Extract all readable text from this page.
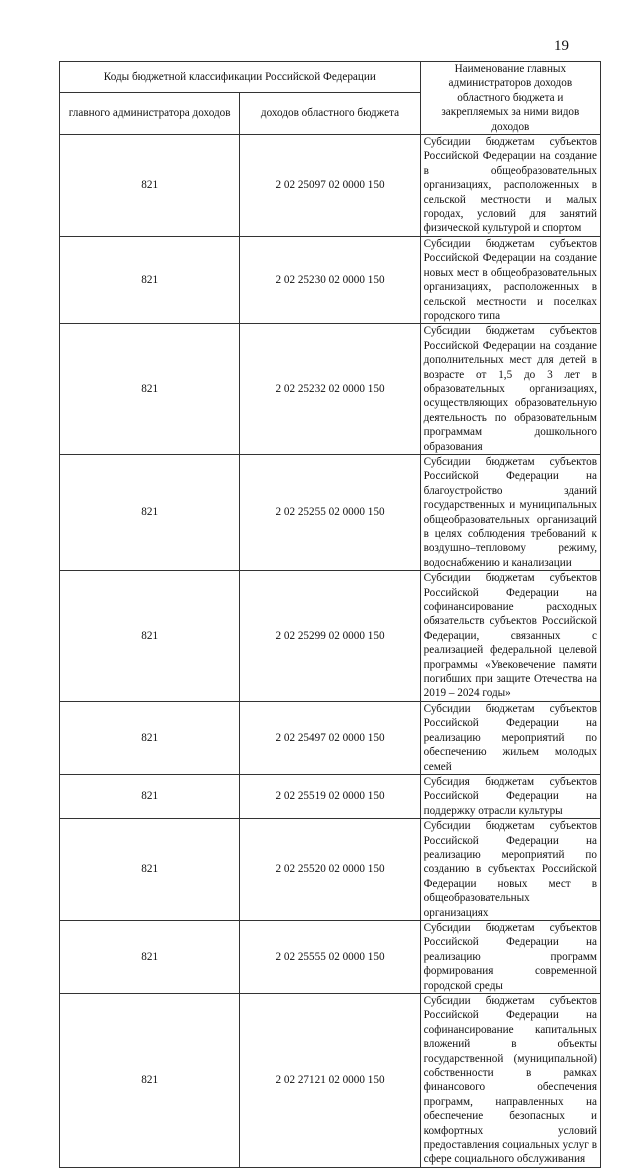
19
Коды бюджетной классификации Российской Федерации		Наименование главных администраторов доходов областного бюджета и закрепляемых за ними видов доходов
главного администратора доходов	доходов областного бюджета	
821	2 02 25097 02 0000 150	Субсидии бюджетам субъектов Российской Федерации на создание в общеобразовательных организациях, расположенных в сельской местности и малых городах, условий для занятий физической культурой и спортом
821	2 02 25230 02 0000 150	Субсидии бюджетам субъектов Российской Федерации на создание новых мест в общеобразовательных организациях, расположенных в сельской местности и поселках городского типа
821	2 02 25232 02 0000 150	Субсидии бюджетам субъектов Российской Федерации на создание дополнительных мест для детей в возрасте от 1,5 до 3 лет в образовательных организациях, осуществляющих образовательную деятельность по образовательным программам дошкольного образования
821	2 02 25255 02 0000 150	Субсидии бюджетам субъектов Российской Федерации на благоустройство зданий государственных и муниципальных общеобразовательных организаций в целях соблюдения требований к воздушно–тепловому режиму, водоснабжению и канализации
821	2 02 25299 02 0000 150	Субсидии бюджетам субъектов Российской Федерации на софинансирование расходных обязательств субъектов Российской Федерации, связанных с реализацией федеральной целевой программы «Увековечение памяти погибших при защите Отечества на 2019 – 2024 годы»
821	2 02 25497 02 0000 150	Субсидии бюджетам субъектов Российской Федерации на реализацию мероприятий по обеспечению жильем молодых семей
821	2 02 25519 02 0000 150	Субсидия бюджетам субъектов Российской Федерации на поддержку отрасли культуры
821	2 02 25520 02 0000 150	Субсидии бюджетам субъектов Российской Федерации на реализацию мероприятий по созданию в субъектах Российской Федерации новых мест в общеобразовательных организациях
821	2 02 25555 02 0000 150	Субсидии бюджетам субъектов Российской Федерации на реализацию программ формирования современной городской среды
821	2 02 27121 02 0000 150	Субсидии бюджетам субъектов Российской Федерации на софинансирование капитальных вложений в объекты государственной (муниципальной) собственности в рамках финансового обеспечения программ, направленных на обеспечение безопасных и комфортных условий предоставления социальных услуг в сфере социального обслуживания
